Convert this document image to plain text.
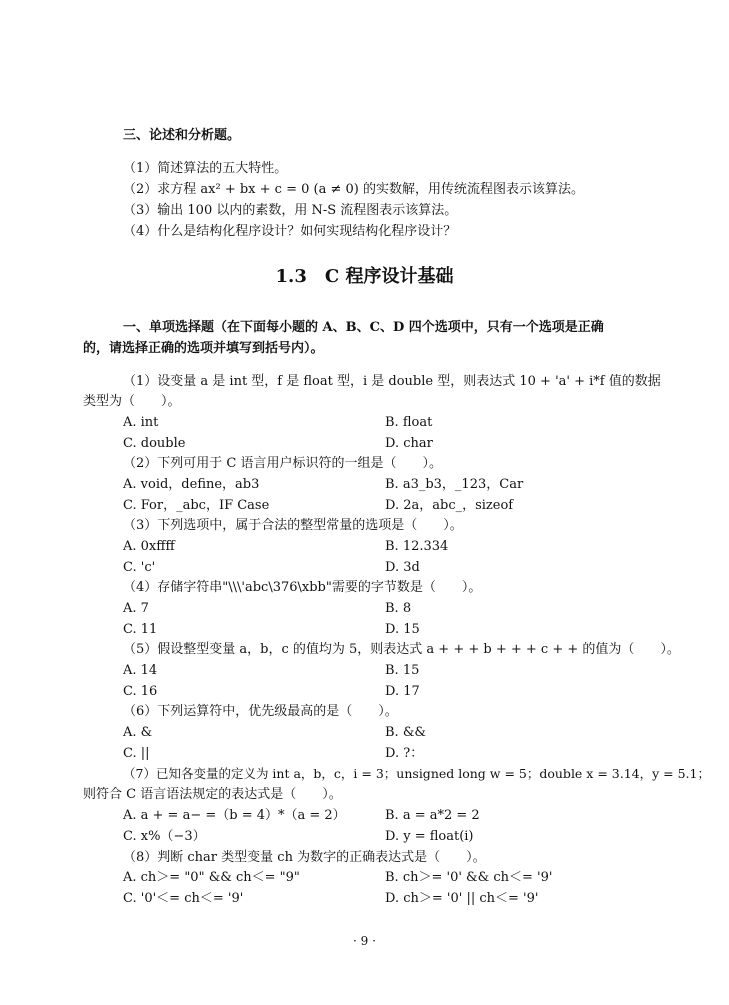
三、论述和分析题。
（1）简述算法的五大特性。
（2）求方程 ax² + bx + c = 0 (a ≠ 0) 的实数解，用传统流程图表示该算法。
（3）输出 100 以内的素数，用 N-S 流程图表示该算法。
（4）什么是结构化程序设计？如何实现结构化程序设计？
1.3　C 程序设计基础
一、单项选择题（在下面每小题的 A、B、C、D 四个选项中，只有一个选项是正确
的，请选择正确的选项并填写到括号内）。
（1）设变量 a 是 int 型，f 是 float 型，i 是 double 型，则表达式 10 + 'a' + i*f 值的数据
类型为（　　）。
A. int	B. float
C. double	D. char
（2）下列可用于 C 语言用户标识符的一组是（　　）。
A. void，define，ab3	B. a3_b3，_123，Car
C. For，_abc，IF Case	D. 2a，abc_，sizeof
（3）下列选项中，属于合法的整型常量的选项是（　　）。
A. 0xffff	B. 12.334
C. 'c'	D. 3d
（4）存储字符串"\\\'abc\376\xbb"需要的字节数是（　　）。
A. 7	B. 8
C. 11	D. 15
（5）假设整型变量 a，b，c 的值均为 5，则表达式 a + + + b + + + c + + 的值为（　　）。
A. 14	B. 15
C. 16	D. 17
（6）下列运算符中，优先级最高的是（　　）。
A. &	B. &&
C. ||	D. ?：
（7）已知各变量的定义为 int a，b，c，i = 3；unsigned long w = 5；double x = 3.14，y = 5.1；
则符合 C 语言语法规定的表达式是（　　）。
A. a + = a− =（b = 4）*（a = 2）	B. a = a*2 = 2
C. x%（−3）	D. y = float(i)
（8）判断 char 类型变量 ch 为数字的正确表达式是（　　）。
A. ch＞= "0" && ch＜= "9"	B. ch＞= '0' && ch＜= '9'
C. '0'＜= ch＜= '9'	D. ch＞= '0' || ch＜= '9'
· 9 ·
